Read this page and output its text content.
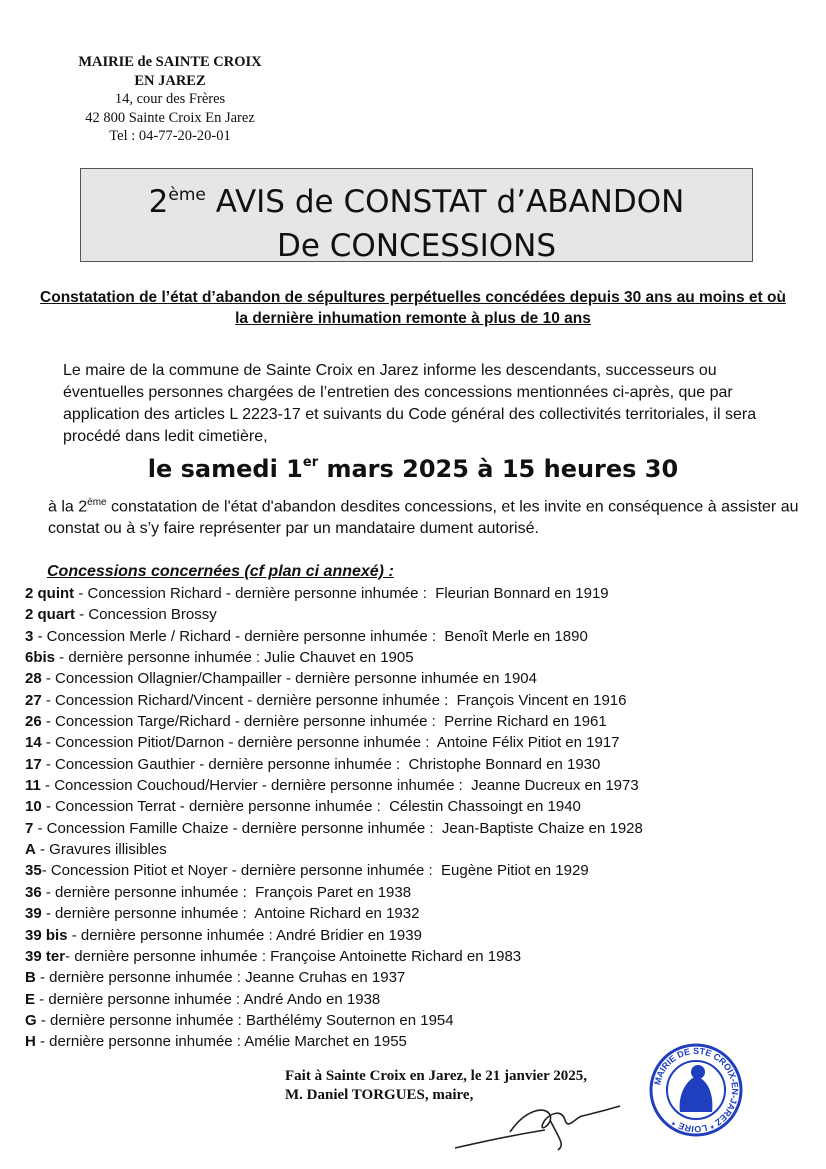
MAIRIE de SAINTE CROIX
EN JAREZ
14, cour des Frères
42 800 Sainte Croix En Jarez
Tel : 04-77-20-20-01
2ème AVIS de CONSTAT d’ABANDON
De CONCESSIONS
Constatation de l’état d’abandon de sépultures perpétuelles concédées depuis 30 ans au moins et où la dernière inhumation remonte à plus de 10 ans
Le maire de la commune de Sainte Croix en Jarez informe les descendants, successeurs ou éventuelles personnes chargées de l’entretien des concessions mentionnées ci-après, que par application des articles L 2223-17 et suivants du Code général des collectivités territoriales, il sera procédé dans ledit cimetière,
le samedi 1er mars 2025 à 15 heures 30
à la 2ème constatation de l'état d'abandon desdites concessions, et les invite en conséquence à assister au constat ou à s’y faire représenter par un mandataire dument autorisé.
Concessions concernées (cf plan ci annexé) :
2 quint - Concession Richard - dernière personne inhumée :  Fleurian Bonnard en 1919
2 quart - Concession Brossy
3 - Concession Merle / Richard - dernière personne inhumée :  Benoît Merle en 1890
6bis - dernière personne inhumée : Julie Chauvet en 1905
28 - Concession Ollagnier/Champailler - dernière personne inhumée en 1904
27 - Concession Richard/Vincent - dernière personne inhumée :  François Vincent en 1916
26 - Concession Targe/Richard - dernière personne inhumée :  Perrine Richard en 1961
14 - Concession Pitiot/Darnon - dernière personne inhumée :  Antoine Félix Pitiot en 1917
17 - Concession Gauthier - dernière personne inhumée :  Christophe Bonnard en 1930
11 - Concession Couchoud/Hervier - dernière personne inhumée :  Jeanne Ducreux en 1973
10 - Concession Terrat - dernière personne inhumée :  Célestin Chassoingt en 1940
7 - Concession Famille Chaize - dernière personne inhumée :  Jean-Baptiste Chaize en 1928
A - Gravures illisibles
35- Concession Pitiot et Noyer - dernière personne inhumée :  Eugène Pitiot en 1929
36 - dernière personne inhumée :  François Paret en 1938
39 - dernière personne inhumée :  Antoine Richard en 1932
39 bis - dernière personne inhumée : André Bridier en 1939
39 ter- dernière personne inhumée : Françoise Antoinette Richard en 1983
B - dernière personne inhumée : Jeanne Cruhas en 1937
E - dernière personne inhumée : André Ando en 1938
G - dernière personne inhumée : Barthélémy Souternon en 1954
H - dernière personne inhumée : Amélie Marchet en 1955
Fait à Sainte Croix en Jarez, le 21 janvier 2025,
M. Daniel TORGUES, maire,
MAIRIE DE STE CROIX-EN-JAREZ * LOIRE *
